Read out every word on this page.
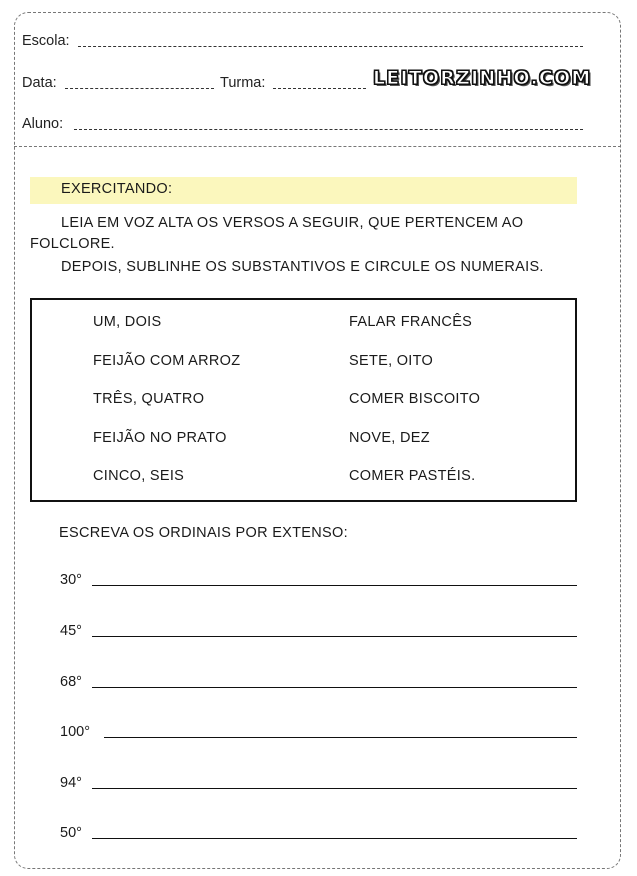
Escola:
Data:	Turma:	LEITORZINHO.COM
Aluno:
EXERCITANDO:
LEIA EM VOZ ALTA OS VERSOS A SEGUIR, QUE PERTENCEM AO
FOLCLORE.
DEPOIS, SUBLINHE OS SUBSTANTIVOS E CIRCULE OS NUMERAIS.
UM, DOIS
FEIJÃO COM ARROZ
TRÊS, QUATRO
FEIJÃO NO PRATO
CINCO, SEIS
FALAR FRANCÊS
SETE, OITO
COMER BISCOITO
NOVE, DEZ
COMER PASTÉIS.
ESCREVA OS ORDINAIS POR EXTENSO:
30°
45°
68°
100°
94°
50°
